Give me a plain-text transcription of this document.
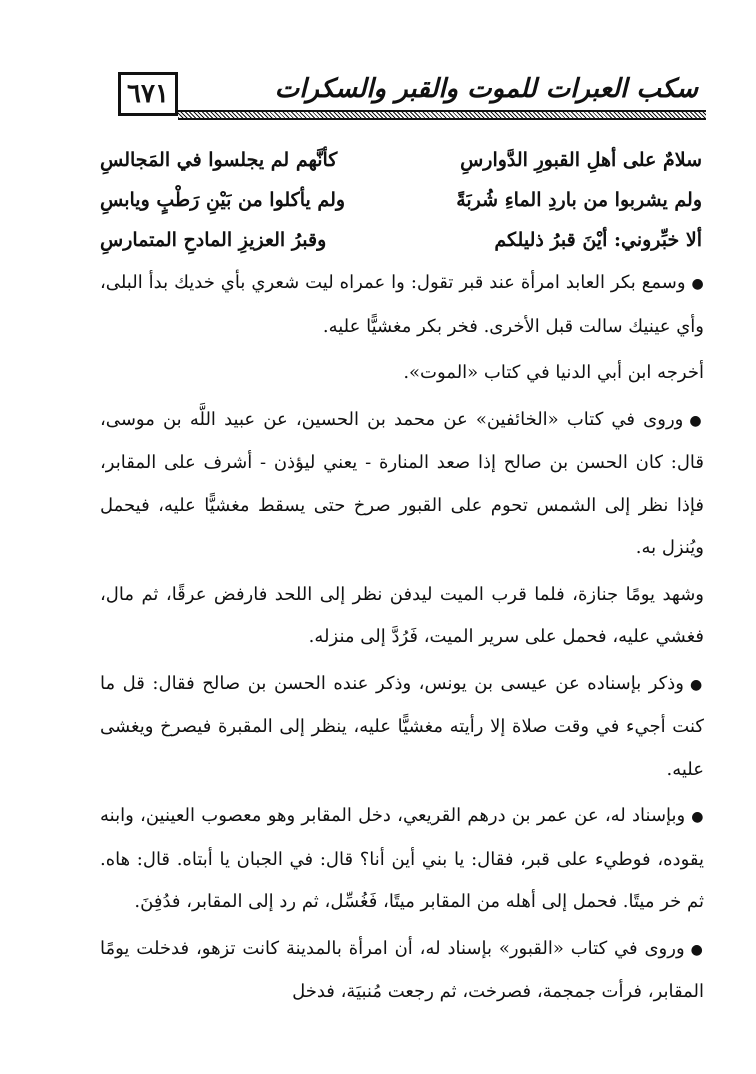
٦٧١	سكب العبرات للموت والقبر والسكرات
سلامٌ على أهلِ القبورِ الدَّوارسِ
كأنَّهم لم يجلسوا في المَجالسِ
ولم يشربوا من باردِ الماءِ شُربَةً
ولم يأكلوا من بَيْنِ رَطْبٍ ويابسِ
ألا خبِّروني: أيْنَ قبرُ ذليلكم
وقبرُ العزيزِ المادحِ المتمارسِ

●وسمع بكر العابد امرأة عند قبر تقول: وا عمراه ليت شعري بأي خديك بدأ البلى، وأي عينيك سالت قبل الأخرى. فخر بكر مغشيًّا عليه.

أخرجه ابن أبي الدنيا في كتاب «الموت».

●وروى في كتاب «الخائفين» عن محمد بن الحسين، عن عبيد اللَّه بن موسى، قال: كان الحسن بن صالح إذا صعد المنارة - يعني ليؤذن - أشرف على المقابر، فإذا نظر إلى الشمس تحوم على القبور صرخ حتى يسقط مغشيًّا عليه، فيحمل ويُنزل به.

وشهد يومًا جنازة، فلما قرب الميت ليدفن نظر إلى اللحد فارفض عرقًا، ثم مال، فغشي عليه، فحمل على سرير الميت، فَرُدَّ إلى منزله.

●وذكر بإسناده عن عيسى بن يونس، وذكر عنده الحسن بن صالح فقال: قل ما كنت أجيء في وقت صلاة إلا رأيته مغشيًّا عليه، ينظر إلى المقبرة فيصرخ ويغشى عليه.

●وبإسناد له، عن عمر بن درهم القريعي، دخل المقابر وهو معصوب العينين، وابنه يقوده، فوطيء على قبر، فقال: يا بني أين أنا؟ قال: في الجبان يا أبتاه. قال: هاه. ثم خر ميتًا. فحمل إلى أهله من المقابر ميتًا، فَغُسِّل، ثم رد إلى المقابر، فدُفِنَ.

●وروى في كتاب «القبور» بإسناد له، أن امرأة بالمدينة كانت تزهو، فدخلت يومًا المقابر، فرأت جمجمة، فصرخت، ثم رجعت مُنبيَة، فدخل
